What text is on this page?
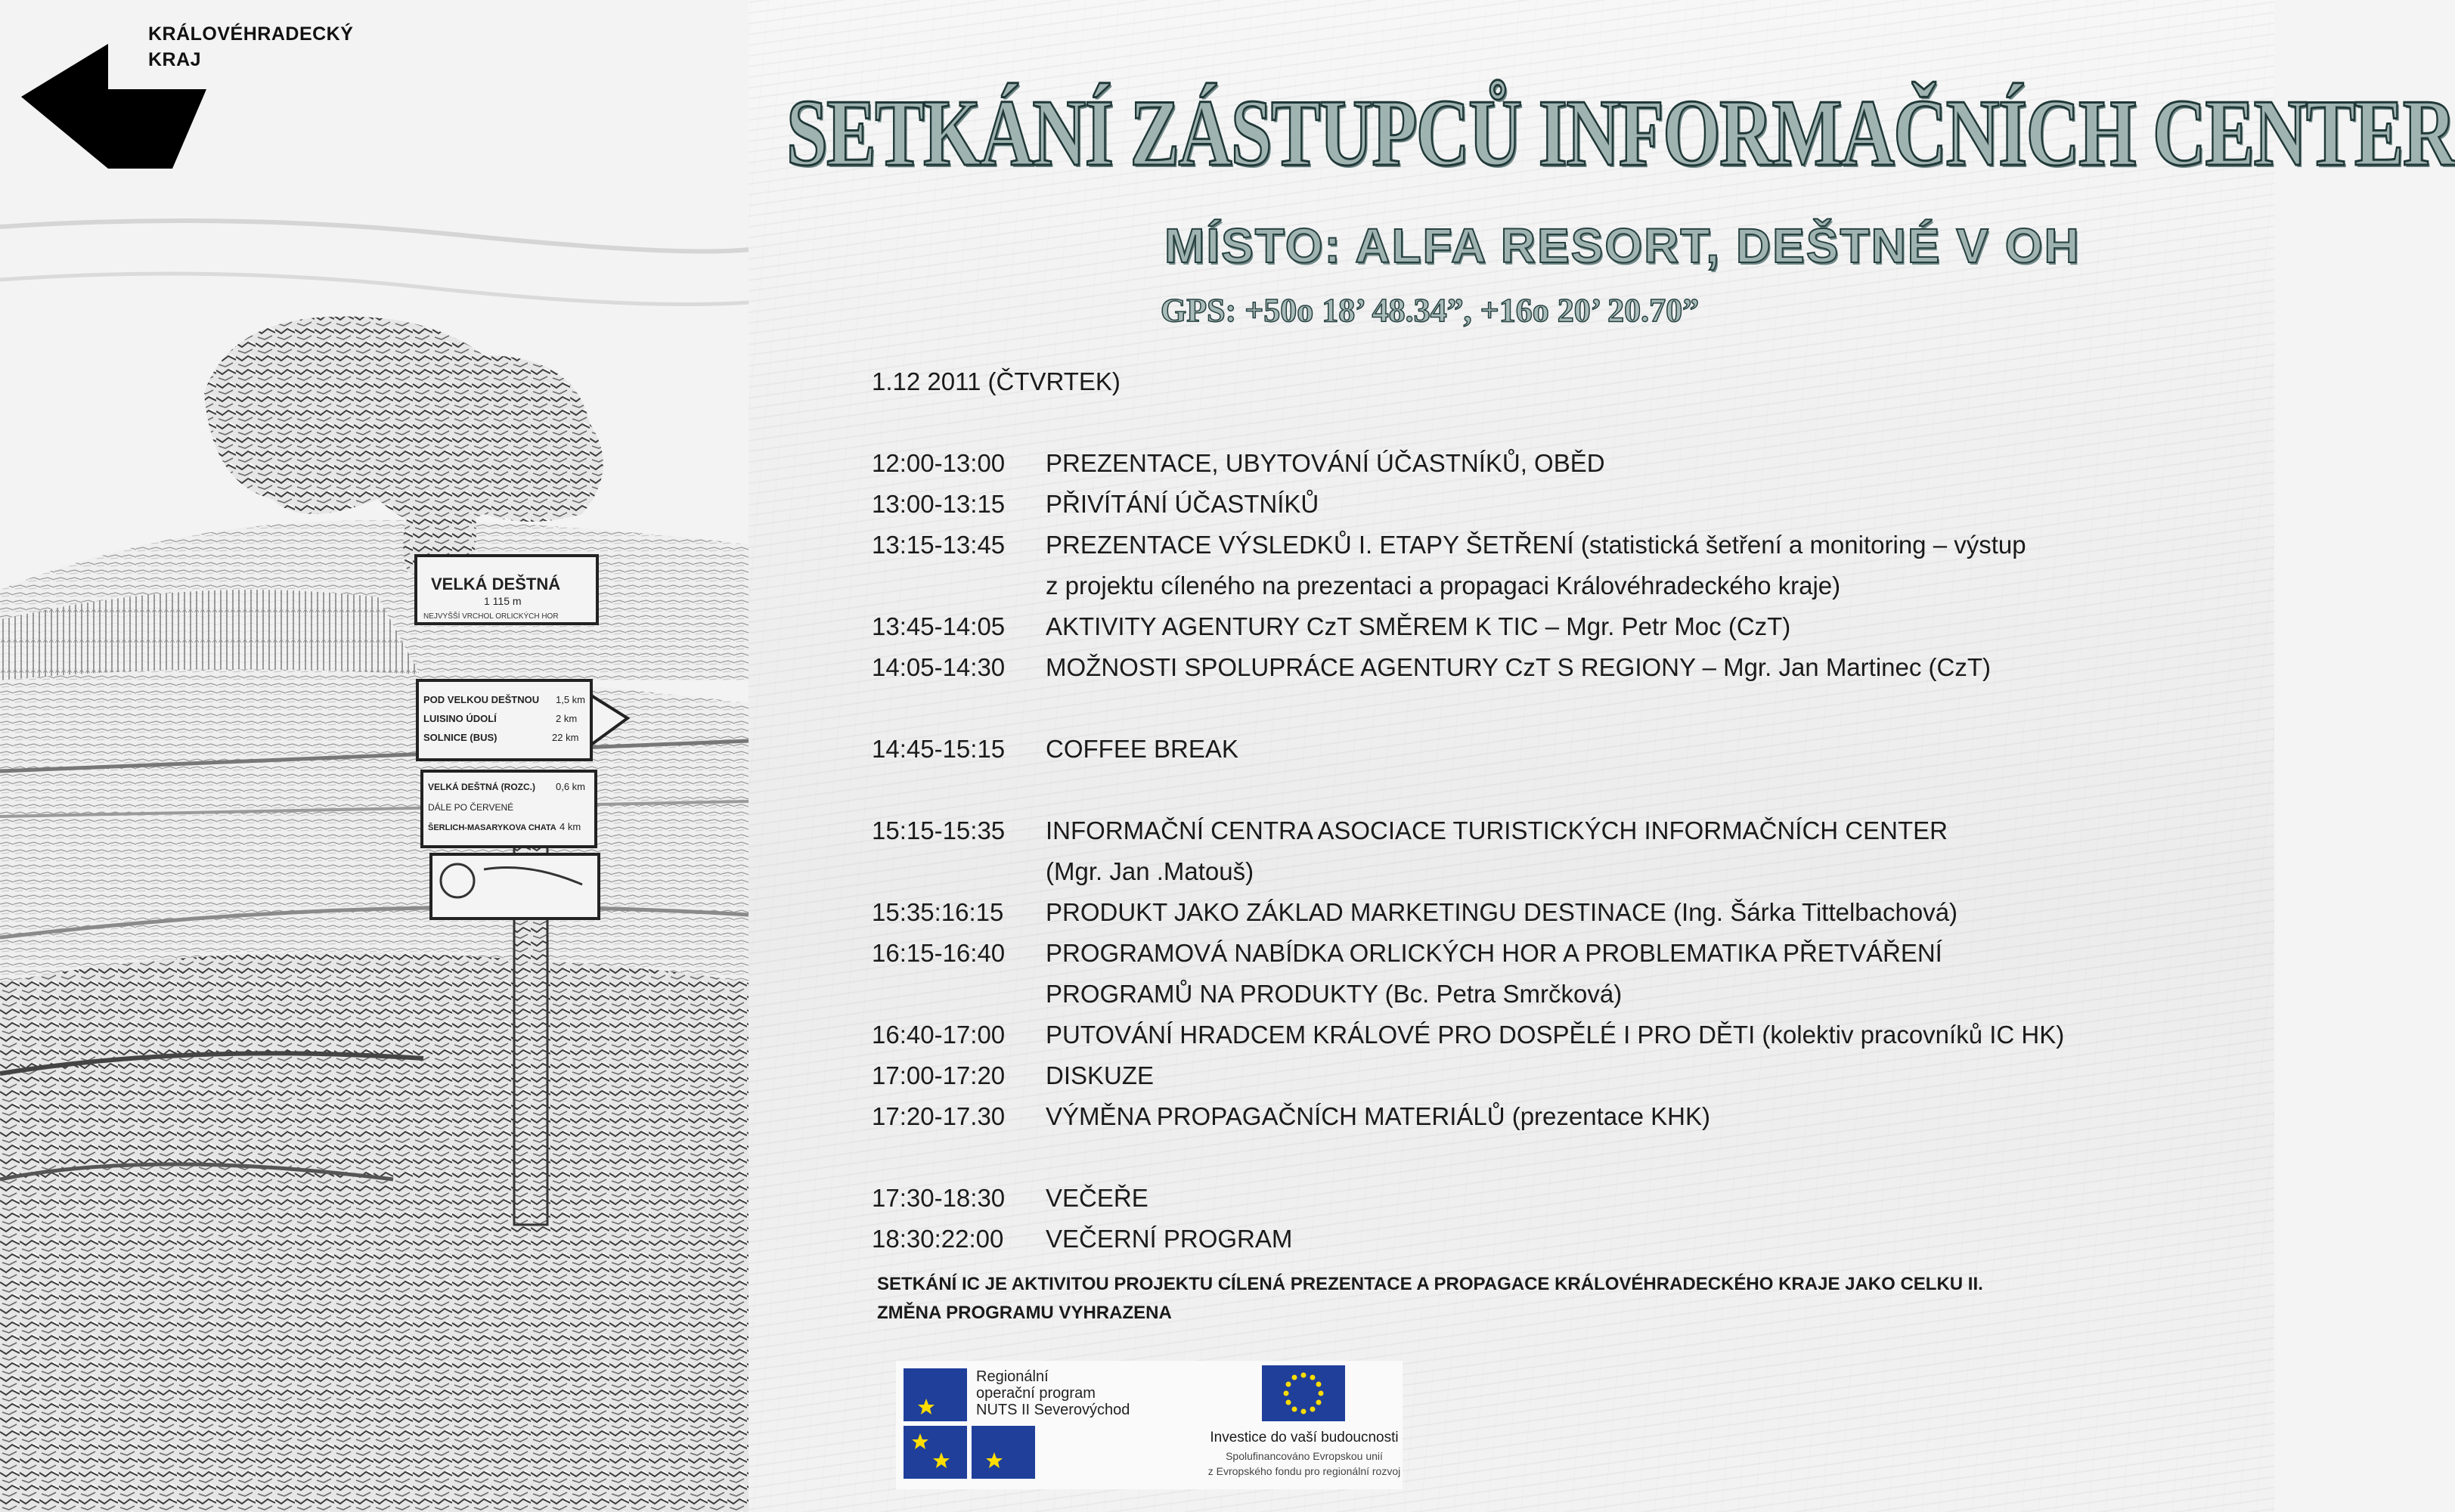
VELKÁ DEŠTNÁ
1 115 m
NEJVYŠŠÍ VRCHOL ORLICKÝCH HOR
POD VELKOU DEŠTNOU 1,5 km
LUISINO ÚDOLÍ	2 km
SOLNICE (BUS)	22 km
VELKÁ DEŠTNÁ (ROZC.) 0,6 km
DÁLE PO ČERVENÉ
ŠERLICH-MASARYKOVA CHATA 4 km
KRÁLOVÉHRADECKÝ
KRAJ
SETKÁNÍ ZÁSTUPCŮ INFORMAČNÍCH CENTER
MÍSTO: ALFA RESORT, DEŠTNÉ V OH
GPS: +50o 18’ 48.34”, +16o 20’ 20.70”
1.12 2011 (ČTVRTEK)
12:00-13:00 PREZENTACE, UBYTOVÁNÍ ÚČASTNÍKŮ, OBĚD
13:00-13:15 PŘIVÍTÁNÍ ÚČASTNÍKŮ
13:15-13:45 PREZENTACE VÝSLEDKŮ I. ETAPY ŠETŘENÍ (statistická šetření a monitoring – výstup
z projektu cíleného na prezentaci a propagaci Královéhradeckého kraje)
13:45-14:05 AKTIVITY AGENTURY CzT SMĚREM K TIC – Mgr. Petr Moc (CzT)
14:05-14:30 MOŽNOSTI SPOLUPRÁCE AGENTURY CzT S REGIONY – Mgr. Jan Martinec (CzT)
14:45-15:15 COFFEE BREAK
15:15-15:35 INFORMAČNÍ CENTRA ASOCIACE TURISTICKÝCH INFORMAČNÍCH CENTER
(Mgr. Jan .Matouš)
15:35:16:15 PRODUKT JAKO ZÁKLAD MARKETINGU DESTINACE (Ing. Šárka Tittelbachová)
16:15-16:40 PROGRAMOVÁ NABÍDKA ORLICKÝCH HOR A PROBLEMATIKA PŘETVÁŘENÍ
PROGRAMŮ NA PRODUKTY (Bc. Petra Smrčková)
16:40-17:00 PUTOVÁNÍ HRADCEM KRÁLOVÉ PRO DOSPĚLÉ I PRO DĚTI (kolektiv pracovníků IC HK)
17:00-17:20 DISKUZE
17:20-17.30 VÝMĚNA PROPAGAČNÍCH MATERIÁLŮ (prezentace KHK)
17:30-18:30 VEČEŘE
18:30:22:00 VEČERNÍ PROGRAM
SETKÁNÍ IC JE AKTIVITOU PROJEKTU CÍLENÁ PREZENTACE A PROPAGACE KRÁLOVÉHRADECKÉHO KRAJE JAKO CELKU II.
ZMĚNA PROGRAMU VYHRAZENA
Regionální
operační program
NUTS II Severovýchod
Investice do vaší budoucnosti
Spolufinancováno Evropskou unií
z Evropského fondu pro regionální rozvoj
